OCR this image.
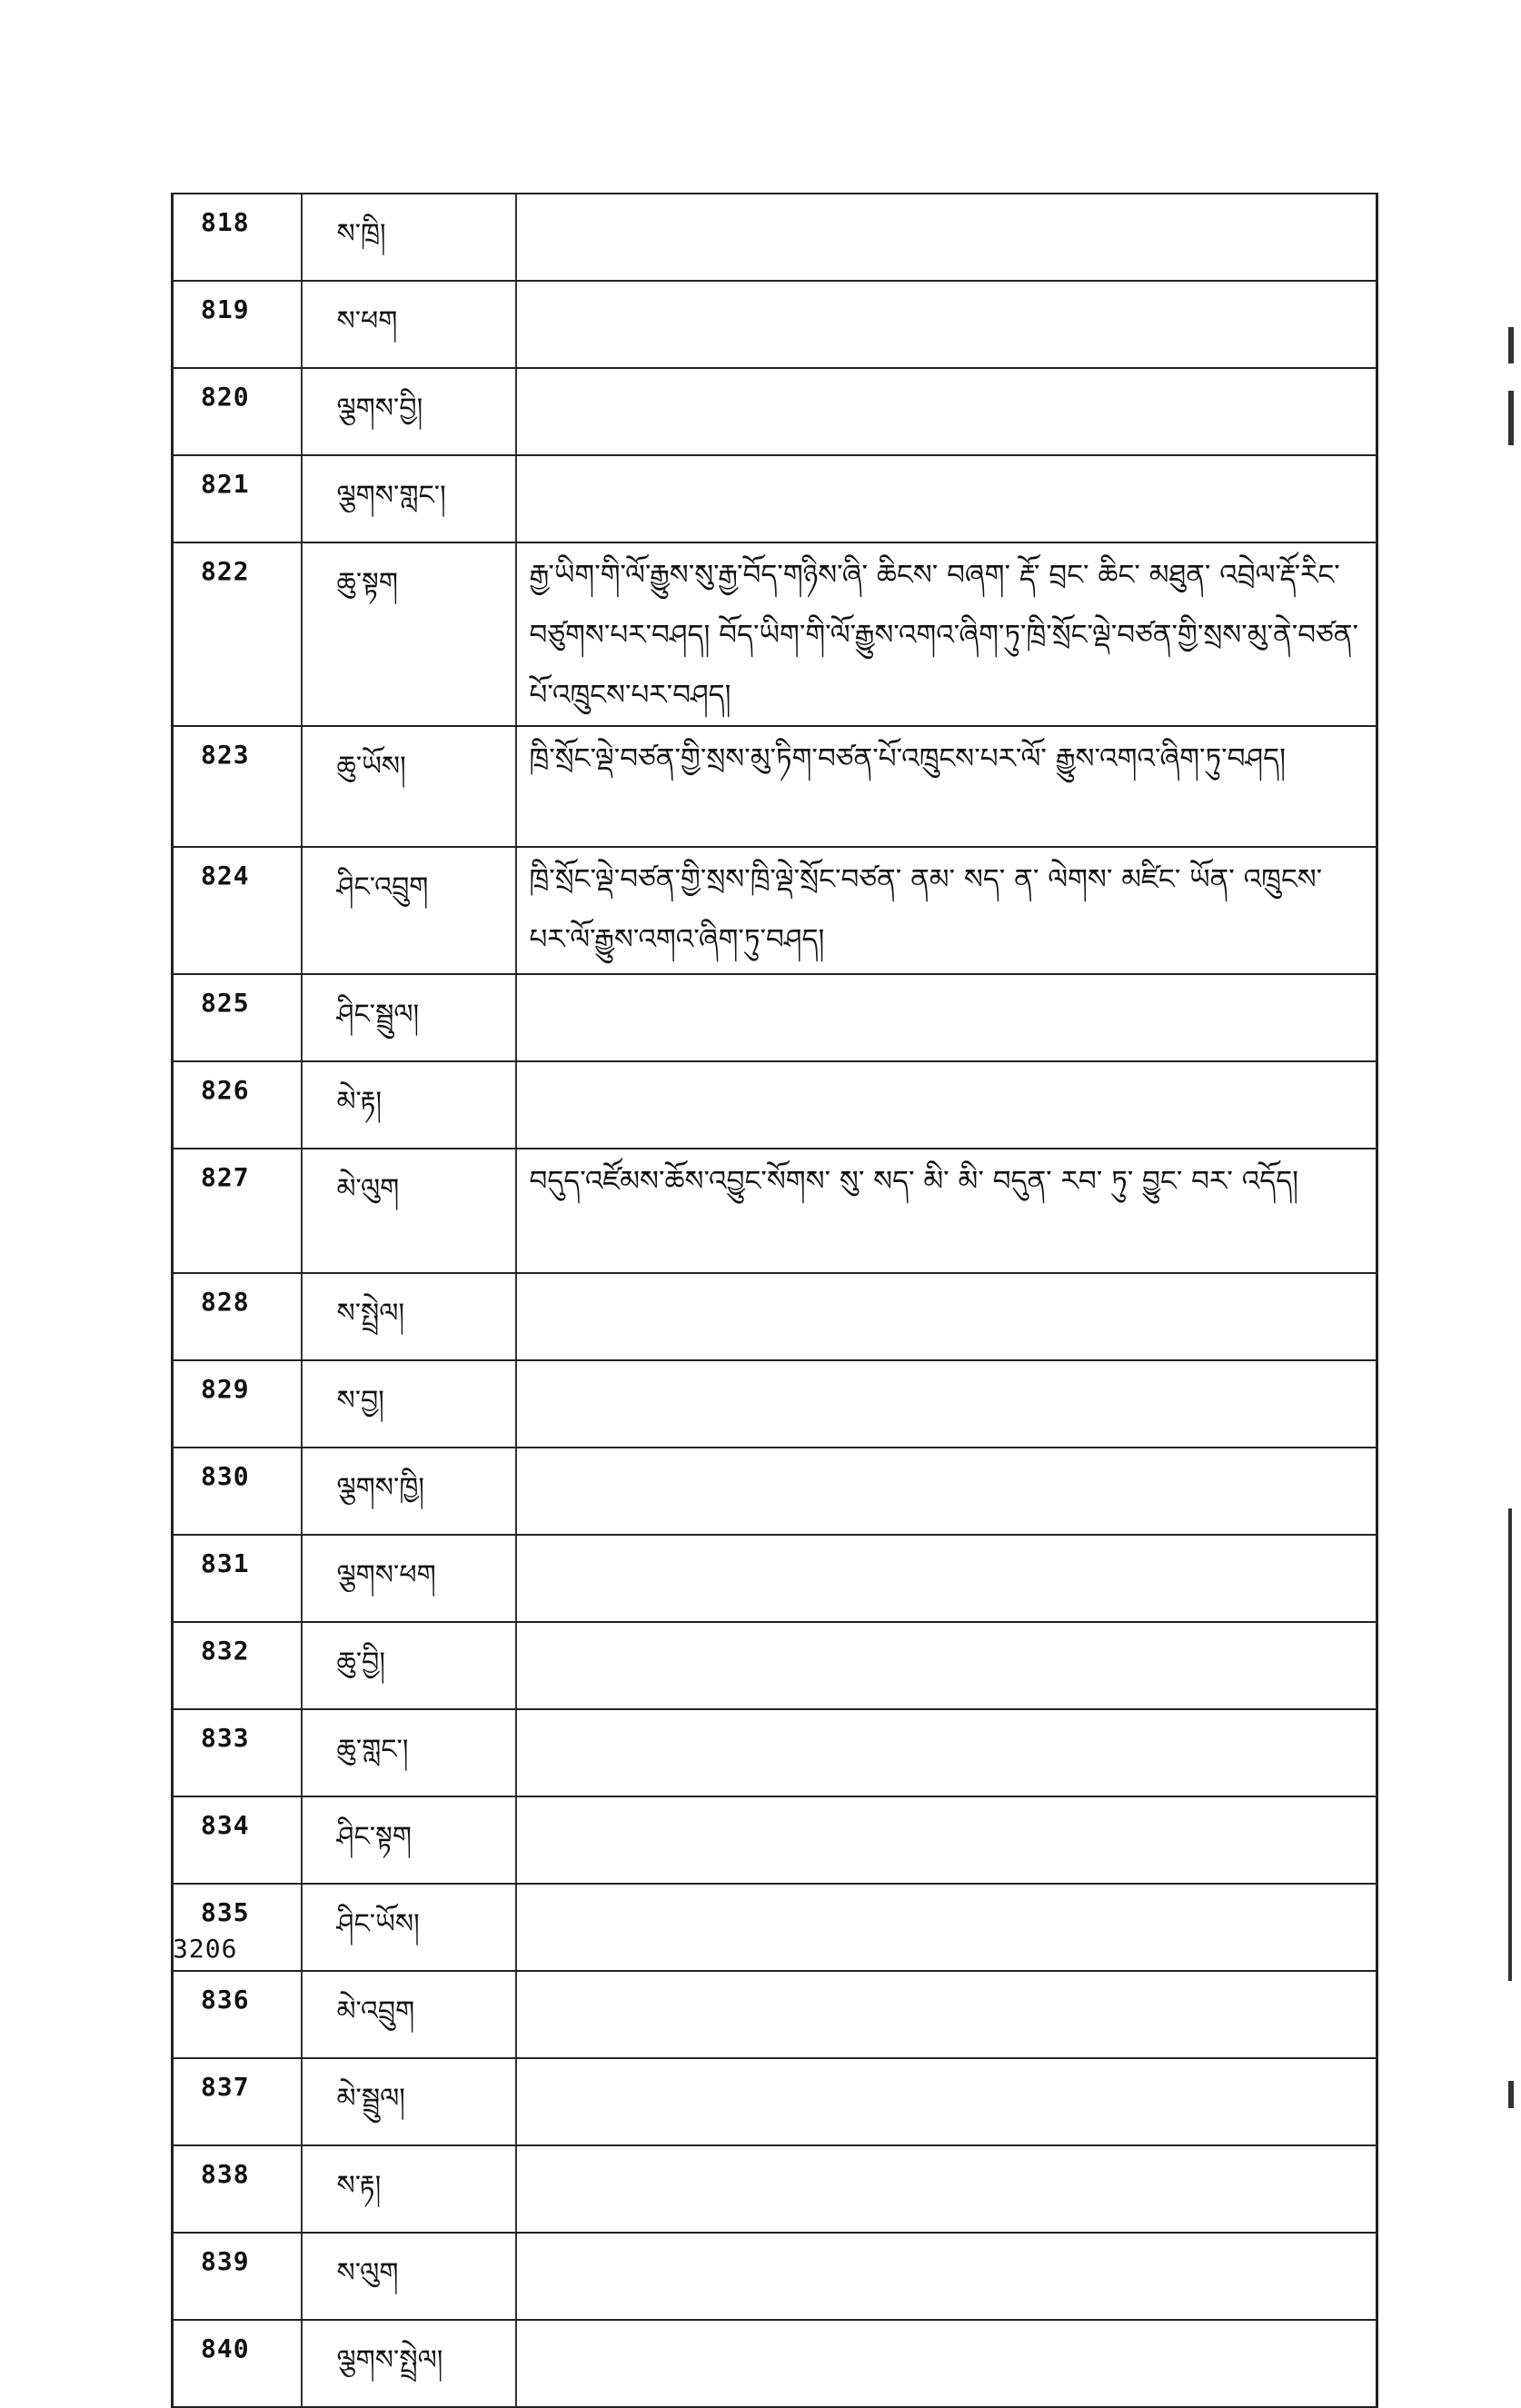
818	ས་ཁྲི།	
819	ས་ཕག	
820	ལྕགས་བྱི།	
821	ལྕགས་གླང་།	
822	ཆུ་སྟག	རྒྱ་ཡིག་གི་ལོ་རྒྱུས་སུ་རྒྱ་བོད་གཉིས་ཞི་ ཆིངས་ བཞག་ རྡོ་ བྲང་ ཆིང་ མཐུན་ འབྲེལ་རྡོ་རིང་བཙུགས་པར་བཤད། བོད་ཡིག་གི་ལོ་རྒྱུས་འགའ་ཞིག་ཏུ་ཁྲི་སྲོང་ལྡེ་བཙན་གྱི་སྲས་མུ་ནེ་བཙན་པོ་འཁྲུངས་པར་བཤད།
823	ཆུ་ཡོས།	ཁྲི་སྲོང་ལྡེ་བཙན་གྱི་སྲས་མུ་ཏིག་བཙན་པོ་འཁྲུངས་པར་ལོ་ རྒྱུས་འགའ་ཞིག་ཏུ་བཤད།
824	ཤིང་འབྲུག	ཁྲི་སྲོང་ལྡེ་བཙན་གྱི་སྲས་ཁྲི་ལྡེ་སྲོང་བཙན་ ནམ་ སད་ ན་ ལེགས་ མཛིང་ ཡོན་ འཁྲུངས་པར་ལོ་རྒྱུས་འགའ་ཞིག་ཏུ་བཤད།
825	ཤིང་སྦྲུལ།	
826	མེ་རྟ།	
827	མེ་ལུག	བདུད་འཛོམས་ཆོས་འབྱུང་སོགས་ སུ་ སད་ མི་ མི་ བདུན་ རབ་ ཏུ་ བྱུང་ བར་ འདོད།
828	ས་སྤྲེལ།	
829	ས་བྱ།	
830	ལྕགས་ཁྱི།	
831	ལྕགས་ཕག	
832	ཆུ་བྱི།	
833	ཆུ་གླང་།	
834	ཤིང་སྟག	
835	ཤིང་ཡོས།	
836	མེ་འབྲུག	
837	མེ་སྦྲུལ།	
838	ས་རྟ།	
839	ས་ལུག	
840	ལྕགས་སྤྲེལ།	
3206
